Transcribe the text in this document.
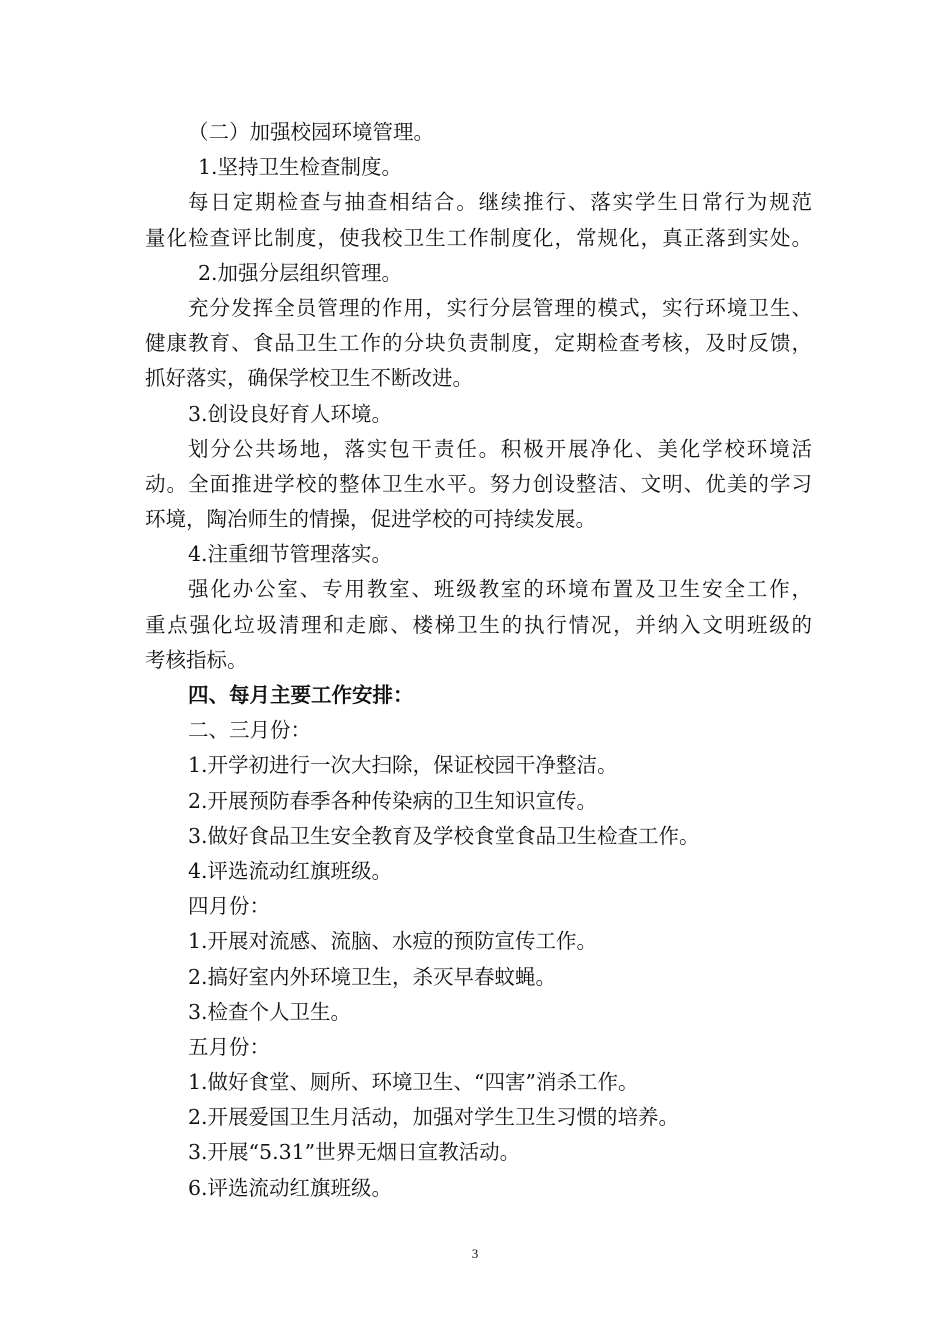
（二）加强校园环境管理。
1.坚持卫生检查制度。
每日定期检查与抽查相结合。继续推行、落实学生日常行为规范
量化检查评比制度，使我校卫生工作制度化，常规化，真正落到实处。
2.加强分层组织管理。
充分发挥全员管理的作用，实行分层管理的模式，实行环境卫生、
健康教育、食品卫生工作的分块负责制度，定期检查考核，及时反馈，
抓好落实，确保学校卫生不断改进。
3.创设良好育人环境。
划分公共场地，落实包干责任。积极开展净化、美化学校环境活
动。全面推进学校的整体卫生水平。努力创设整洁、文明、优美的学习
环境，陶冶师生的情操，促进学校的可持续发展。
4.注重细节管理落实。
强化办公室、专用教室、班级教室的环境布置及卫生安全工作，
重点强化垃圾清理和走廊、楼梯卫生的执行情况，并纳入文明班级的
考核指标。
四、每月主要工作安排：
二、三月份：
1.开学初进行一次大扫除，保证校园干净整洁。
2.开展预防春季各种传染病的卫生知识宣传。
3.做好食品卫生安全教育及学校食堂食品卫生检查工作。
4.评选流动红旗班级。
四月份：
1.开展对流感、流脑、水痘的预防宣传工作。
2.搞好室内外环境卫生，杀灭早春蚊蝇。
3.检查个人卫生。
五月份：
1.做好食堂、厕所、环境卫生、“四害”消杀工作。
2.开展爱国卫生月活动，加强对学生卫生习惯的培养。
3.开展“5.31”世界无烟日宣教活动。
6.评选流动红旗班级。
3
